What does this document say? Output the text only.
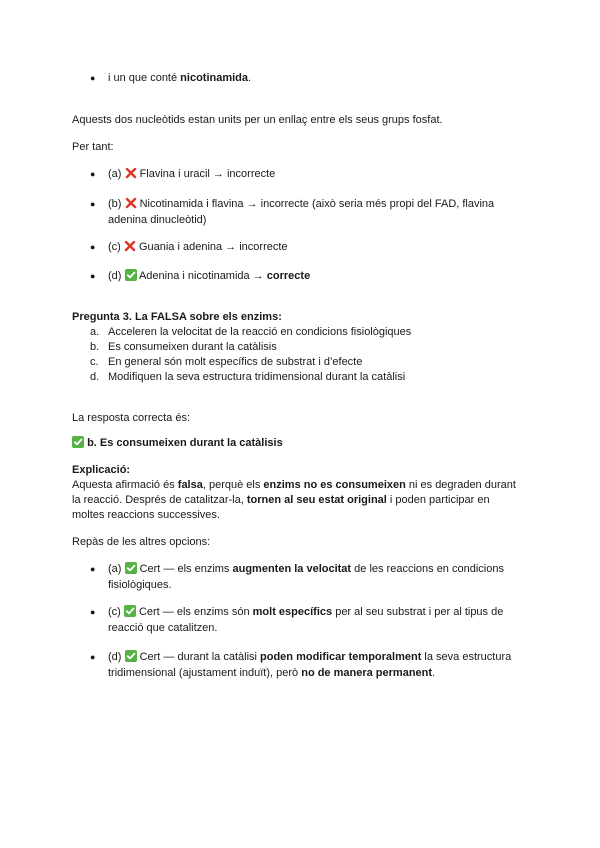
●
i un que conté nicotinamida.
Aquests dos nucleòtids estan units per un enllaç entre els seus grups fosfat.
Per tant:
●
(a) Flavina i uracil → incorrecte
●
(b) Nicotinamida i flavina → incorrecte (això seria més propi del FAD, flavina
adenina dinucleòtid)
●
(c) Guania i adenina → incorrecte
●
(d) Adenina i nicotinamida → correcte
Pregunta 3. La FALSA sobre els enzims:
a. Acceleren la velocitat de la reacció en condicions fisiològiques
b. Es consumeixen durant la catàlisis
c. En general són molt específics de substrat i d’efecte
d. Modifiquen la seva estructura tridimensional durant la catàlisi
La resposta correcta és:
b. Es consumeixen durant la catàlisis
Explicació:
Aquesta afirmació és falsa, perquè els enzims no es consumeixen ni es degraden durant
la reacció. Després de catalitzar-la, tornen al seu estat original i poden participar en
moltes reaccions successives.
Repàs de les altres opcions:
●
(a) Cert — els enzims augmenten la velocitat de les reaccions en condicions
fisiològiques.
●
(c) Cert — els enzims són molt específics per al seu substrat i per al tipus de
reacció que catalitzen.
●
(d) Cert — durant la catàlisi poden modificar temporalment la seva estructura
tridimensional (ajustament induït), però no de manera permanent.
